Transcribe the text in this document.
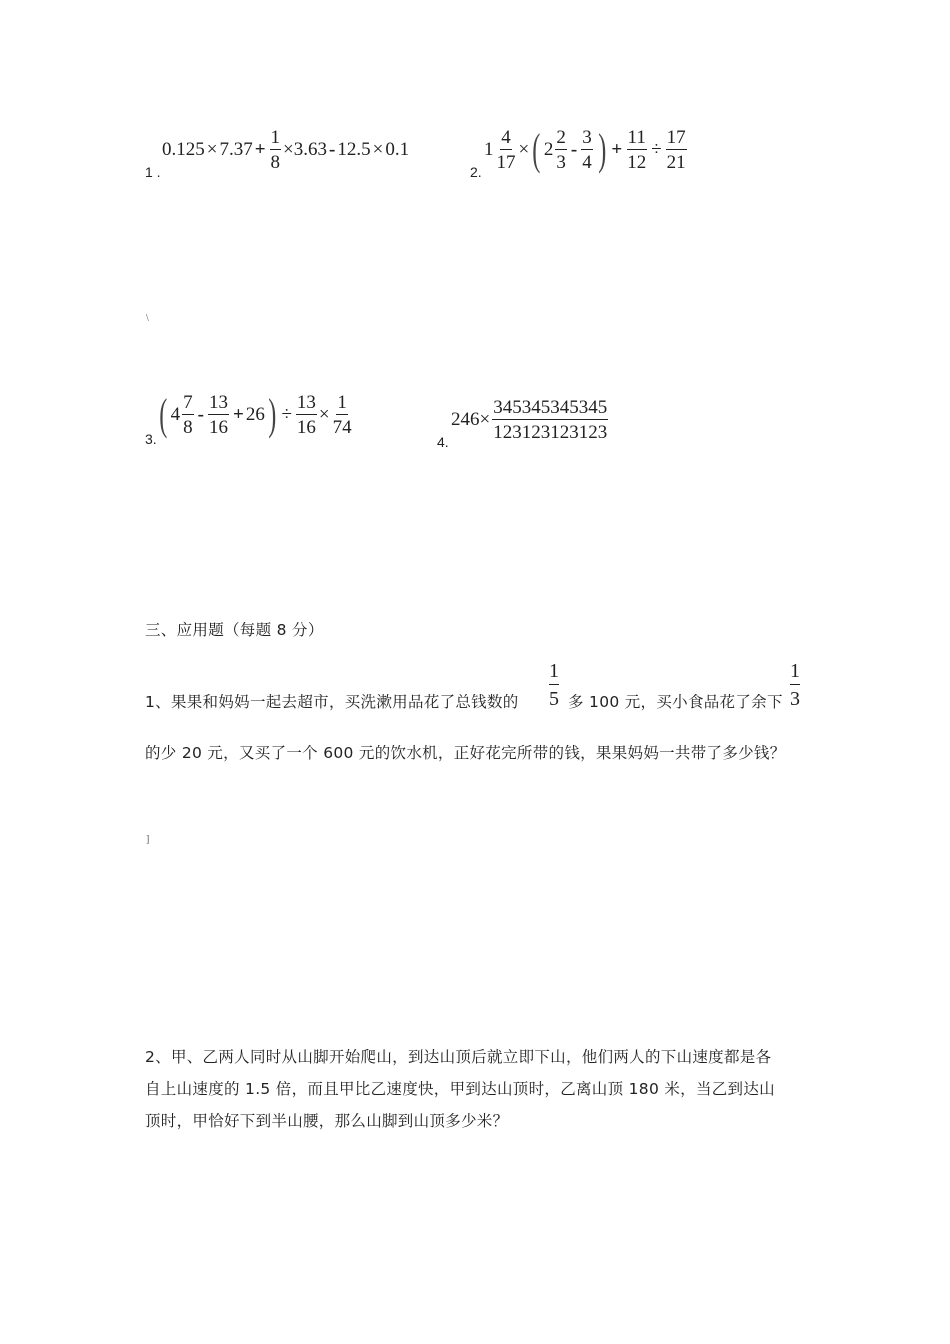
1 .
$0.125 \times 7.37 + \frac{1}{8} \times 3.63 - 12.5 \times 0.1$
2.
$1 \frac{4}{17}$ × ( $2 \frac{2}{3} - \frac{3}{4}$ ) + $\frac{11}{12} \div \frac{17}{21}$
\
3. ( $4 \frac{7}{8} - \frac{13}{16} + 26$ ) ÷ $\frac{13}{16} \times \frac{1}{74}$
4.
$246 \times \frac{345345345345}{123123123123}$
三、应用题（每题 8 分）
1、果果和妈妈一起去超市，买洗漱用品花了总钱数的 $\frac{1}{5}$ 多 100 元，买小食品花了余下 $\frac{1}{3}$
的少 20 元，又买了一个 600 元的饮水机，正好花完所带的钱，果果妈妈一共带了多少钱？
]
2、甲、乙两人同时从山脚开始爬山，到达山顶后就立即下山，他们两人的下山速度都是各
自上山速度的 1.5 倍，而且甲比乙速度快，甲到达山顶时，乙离山顶 180 米，当乙到达山
顶时，甲恰好下到半山腰，那么山脚到山顶多少米？
